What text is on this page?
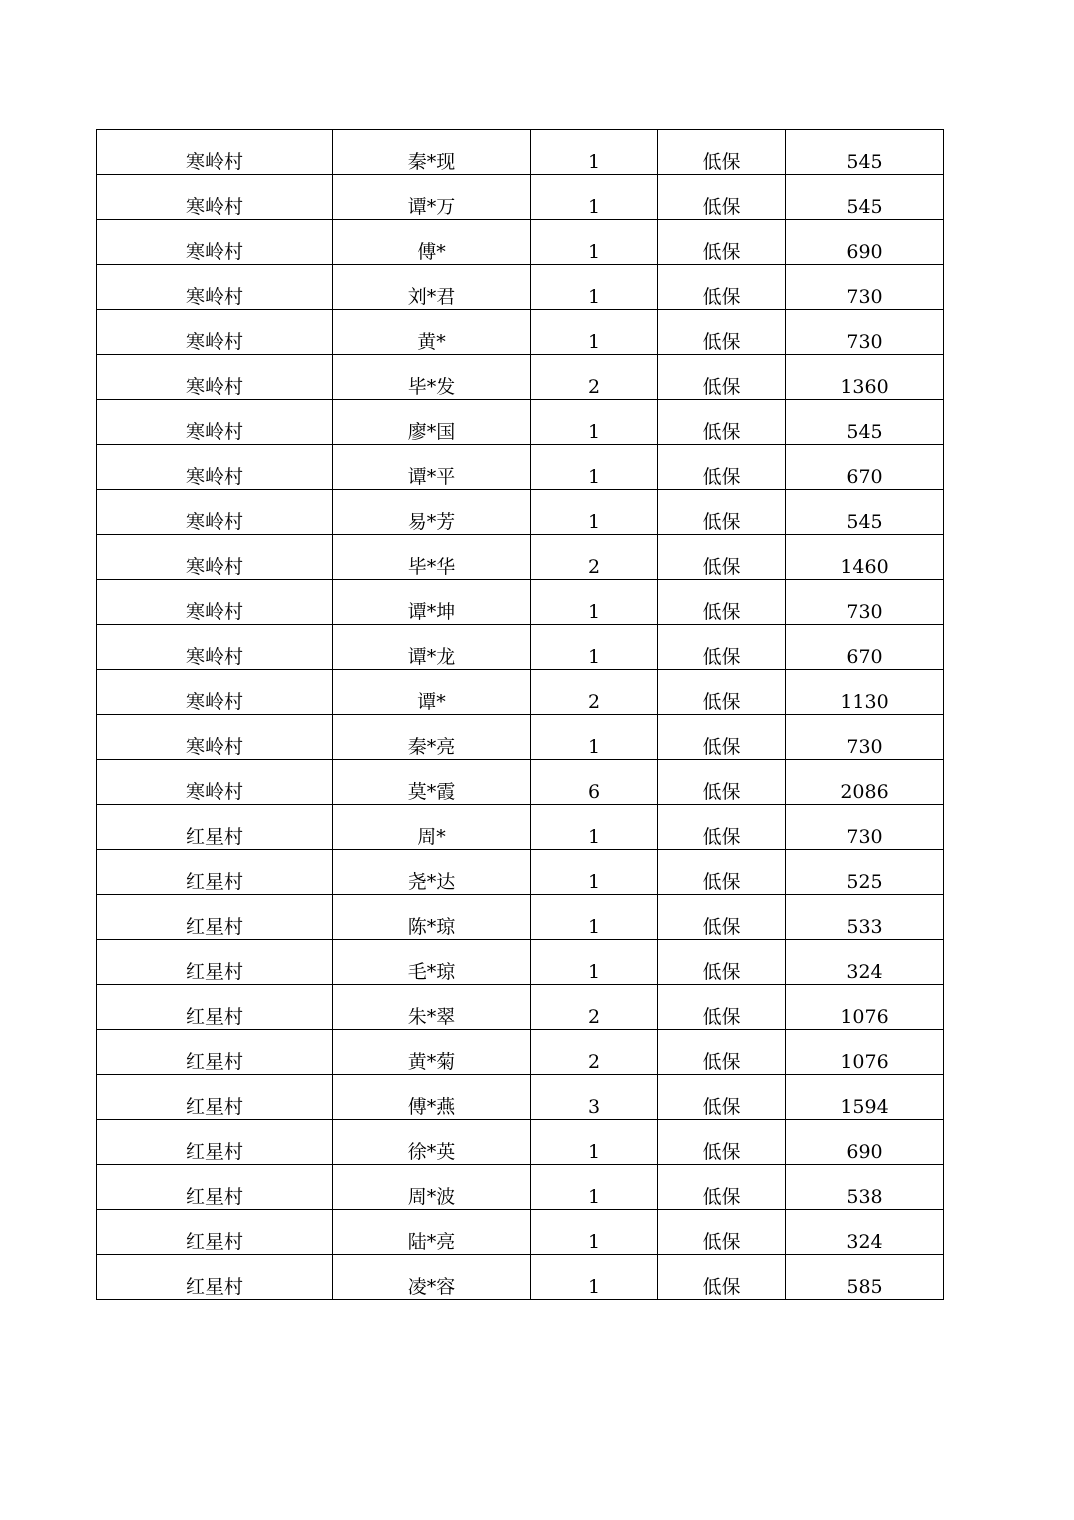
寒岭村	秦*现	1	低保	545
寒岭村	谭*万	1	低保	545
寒岭村	傅*	1	低保	690
寒岭村	刘*君	1	低保	730
寒岭村	黄*	1	低保	730
寒岭村	毕*发	2	低保	1360
寒岭村	廖*国	1	低保	545
寒岭村	谭*平	1	低保	670
寒岭村	易*芳	1	低保	545
寒岭村	毕*华	2	低保	1460
寒岭村	谭*坤	1	低保	730
寒岭村	谭*龙	1	低保	670
寒岭村	谭*	2	低保	1130
寒岭村	秦*亮	1	低保	730
寒岭村	莫*霞	6	低保	2086
红星村	周*	1	低保	730
红星村	尧*达	1	低保	525
红星村	陈*琼	1	低保	533
红星村	毛*琼	1	低保	324
红星村	朱*翠	2	低保	1076
红星村	黄*菊	2	低保	1076
红星村	傅*燕	3	低保	1594
红星村	徐*英	1	低保	690
红星村	周*波	1	低保	538
红星村	陆*亮	1	低保	324
红星村	凌*容	1	低保	585
